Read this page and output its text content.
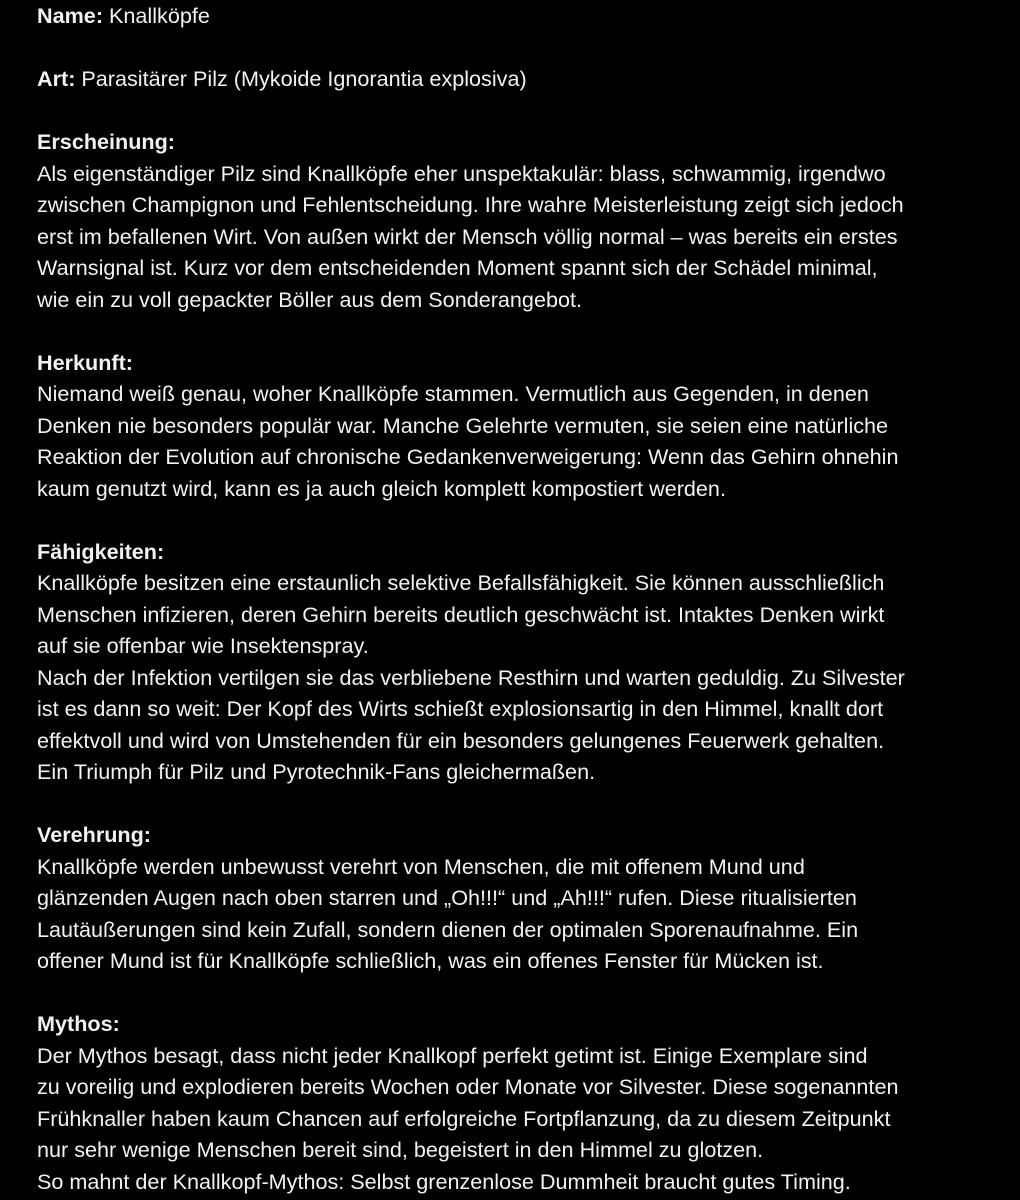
Name: Knallköpfe
Art: Parasitärer Pilz (Mykoide Ignorantia explosiva)
Erscheinung:
Als eigenständiger Pilz sind Knallköpfe eher unspektakulär: blass, schwammig, irgendwo
zwischen Champignon und Fehlentscheidung. Ihre wahre Meisterleistung zeigt sich jedoch
erst im befallenen Wirt. Von außen wirkt der Mensch völlig normal – was bereits ein erstes
Warnsignal ist. Kurz vor dem entscheidenden Moment spannt sich der Schädel minimal,
wie ein zu voll gepackter Böller aus dem Sonderangebot.
Herkunft:
Niemand weiß genau, woher Knallköpfe stammen. Vermutlich aus Gegenden, in denen
Denken nie besonders populär war. Manche Gelehrte vermuten, sie seien eine natürliche
Reaktion der Evolution auf chronische Gedankenverweigerung: Wenn das Gehirn ohnehin
kaum genutzt wird, kann es ja auch gleich komplett kompostiert werden.
Fähigkeiten:
Knallköpfe besitzen eine erstaunlich selektive Befallsfähigkeit. Sie können ausschließlich
Menschen infizieren, deren Gehirn bereits deutlich geschwächt ist. Intaktes Denken wirkt
auf sie offenbar wie Insektenspray.
Nach der Infektion vertilgen sie das verbliebene Resthirn und warten geduldig. Zu Silvester
ist es dann so weit: Der Kopf des Wirts schießt explosionsartig in den Himmel, knallt dort
effektvoll und wird von Umstehenden für ein besonders gelungenes Feuerwerk gehalten.
Ein Triumph für Pilz und Pyrotechnik-Fans gleichermaßen.
Verehrung:
Knallköpfe werden unbewusst verehrt von Menschen, die mit offenem Mund und
glänzenden Augen nach oben starren und „Oh!!!“ und „Ah!!!“ rufen. Diese ritualisierten
Lautäußerungen sind kein Zufall, sondern dienen der optimalen Sporenaufnahme. Ein
offener Mund ist für Knallköpfe schließlich, was ein offenes Fenster für Mücken ist.
Mythos:
Der Mythos besagt, dass nicht jeder Knallkopf perfekt getimt ist. Einige Exemplare sind
zu voreilig und explodieren bereits Wochen oder Monate vor Silvester. Diese sogenannten
Frühknaller haben kaum Chancen auf erfolgreiche Fortpflanzung, da zu diesem Zeitpunkt
nur sehr wenige Menschen bereit sind, begeistert in den Himmel zu glotzen.
So mahnt der Knallkopf-Mythos: Selbst grenzenlose Dummheit braucht gutes Timing.
